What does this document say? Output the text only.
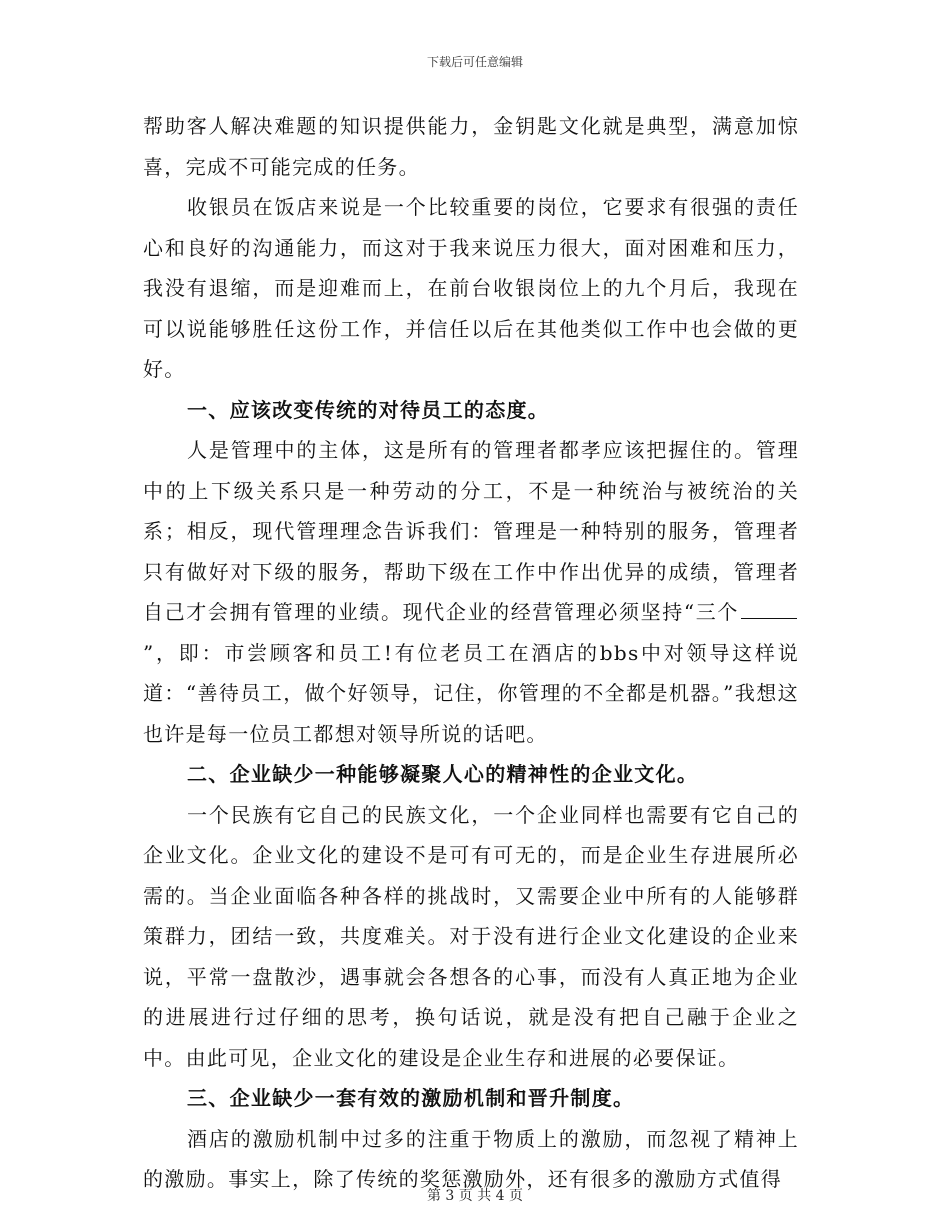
下载后可任意编辑

帮助客人解决难题的知识提供能力，金钥匙文化就是典型，满意加惊喜，完成不可能完成的任务。

收银员在饭店来说是一个比较重要的岗位，它要求有很强的责任心和良好的沟通能力，而这对于我来说压力很大，面对困难和压力，我没有退缩，而是迎难而上，在前台收银岗位上的九个月后，我现在可以说能够胜任这份工作，并信任以后在其他类似工作中也会做的更好。

一、应该改变传统的对待员工的态度。

人是管理中的主体，这是所有的管理者都孝应该把握住的。管理中的上下级关系只是一种劳动的分工，不是一种统治与被统治的关系；相反，现代管理理念告诉我们：管理是一种特别的服务，管理者只有做好对下级的服务，帮助下级在工作中作出优异的成绩，管理者自己才会拥有管理的业绩。现代企业的经营管理必须坚持“三个”，即：市尝顾客和员工!有位老员工在酒店的bbs中对领导这样说道：“善待员工，做个好领导，记住，你管理的不全都是机器。”我想这也许是每一位员工都想对领导所说的话吧。

二、企业缺少一种能够凝聚人心的精神性的企业文化。

一个民族有它自己的民族文化，一个企业同样也需要有它自己的企业文化。企业文化的建设不是可有可无的，而是企业生存进展所必需的。当企业面临各种各样的挑战时，又需要企业中所有的人能够群策群力，团结一致，共度难关。对于没有进行企业文化建设的企业来说，平常一盘散沙，遇事就会各想各的心事，而没有人真正地为企业的进展进行过仔细的思考，换句话说，就是没有把自己融于企业之中。由此可见，企业文化的建设是企业生存和进展的必要保证。

三、企业缺少一套有效的激励机制和晋升制度。

酒店的激励机制中过多的注重于物质上的激励，而忽视了精神上的激励。事实上，除了传统的奖惩激励外，还有很多的激励方式值得

第 3 页 共 4 页
